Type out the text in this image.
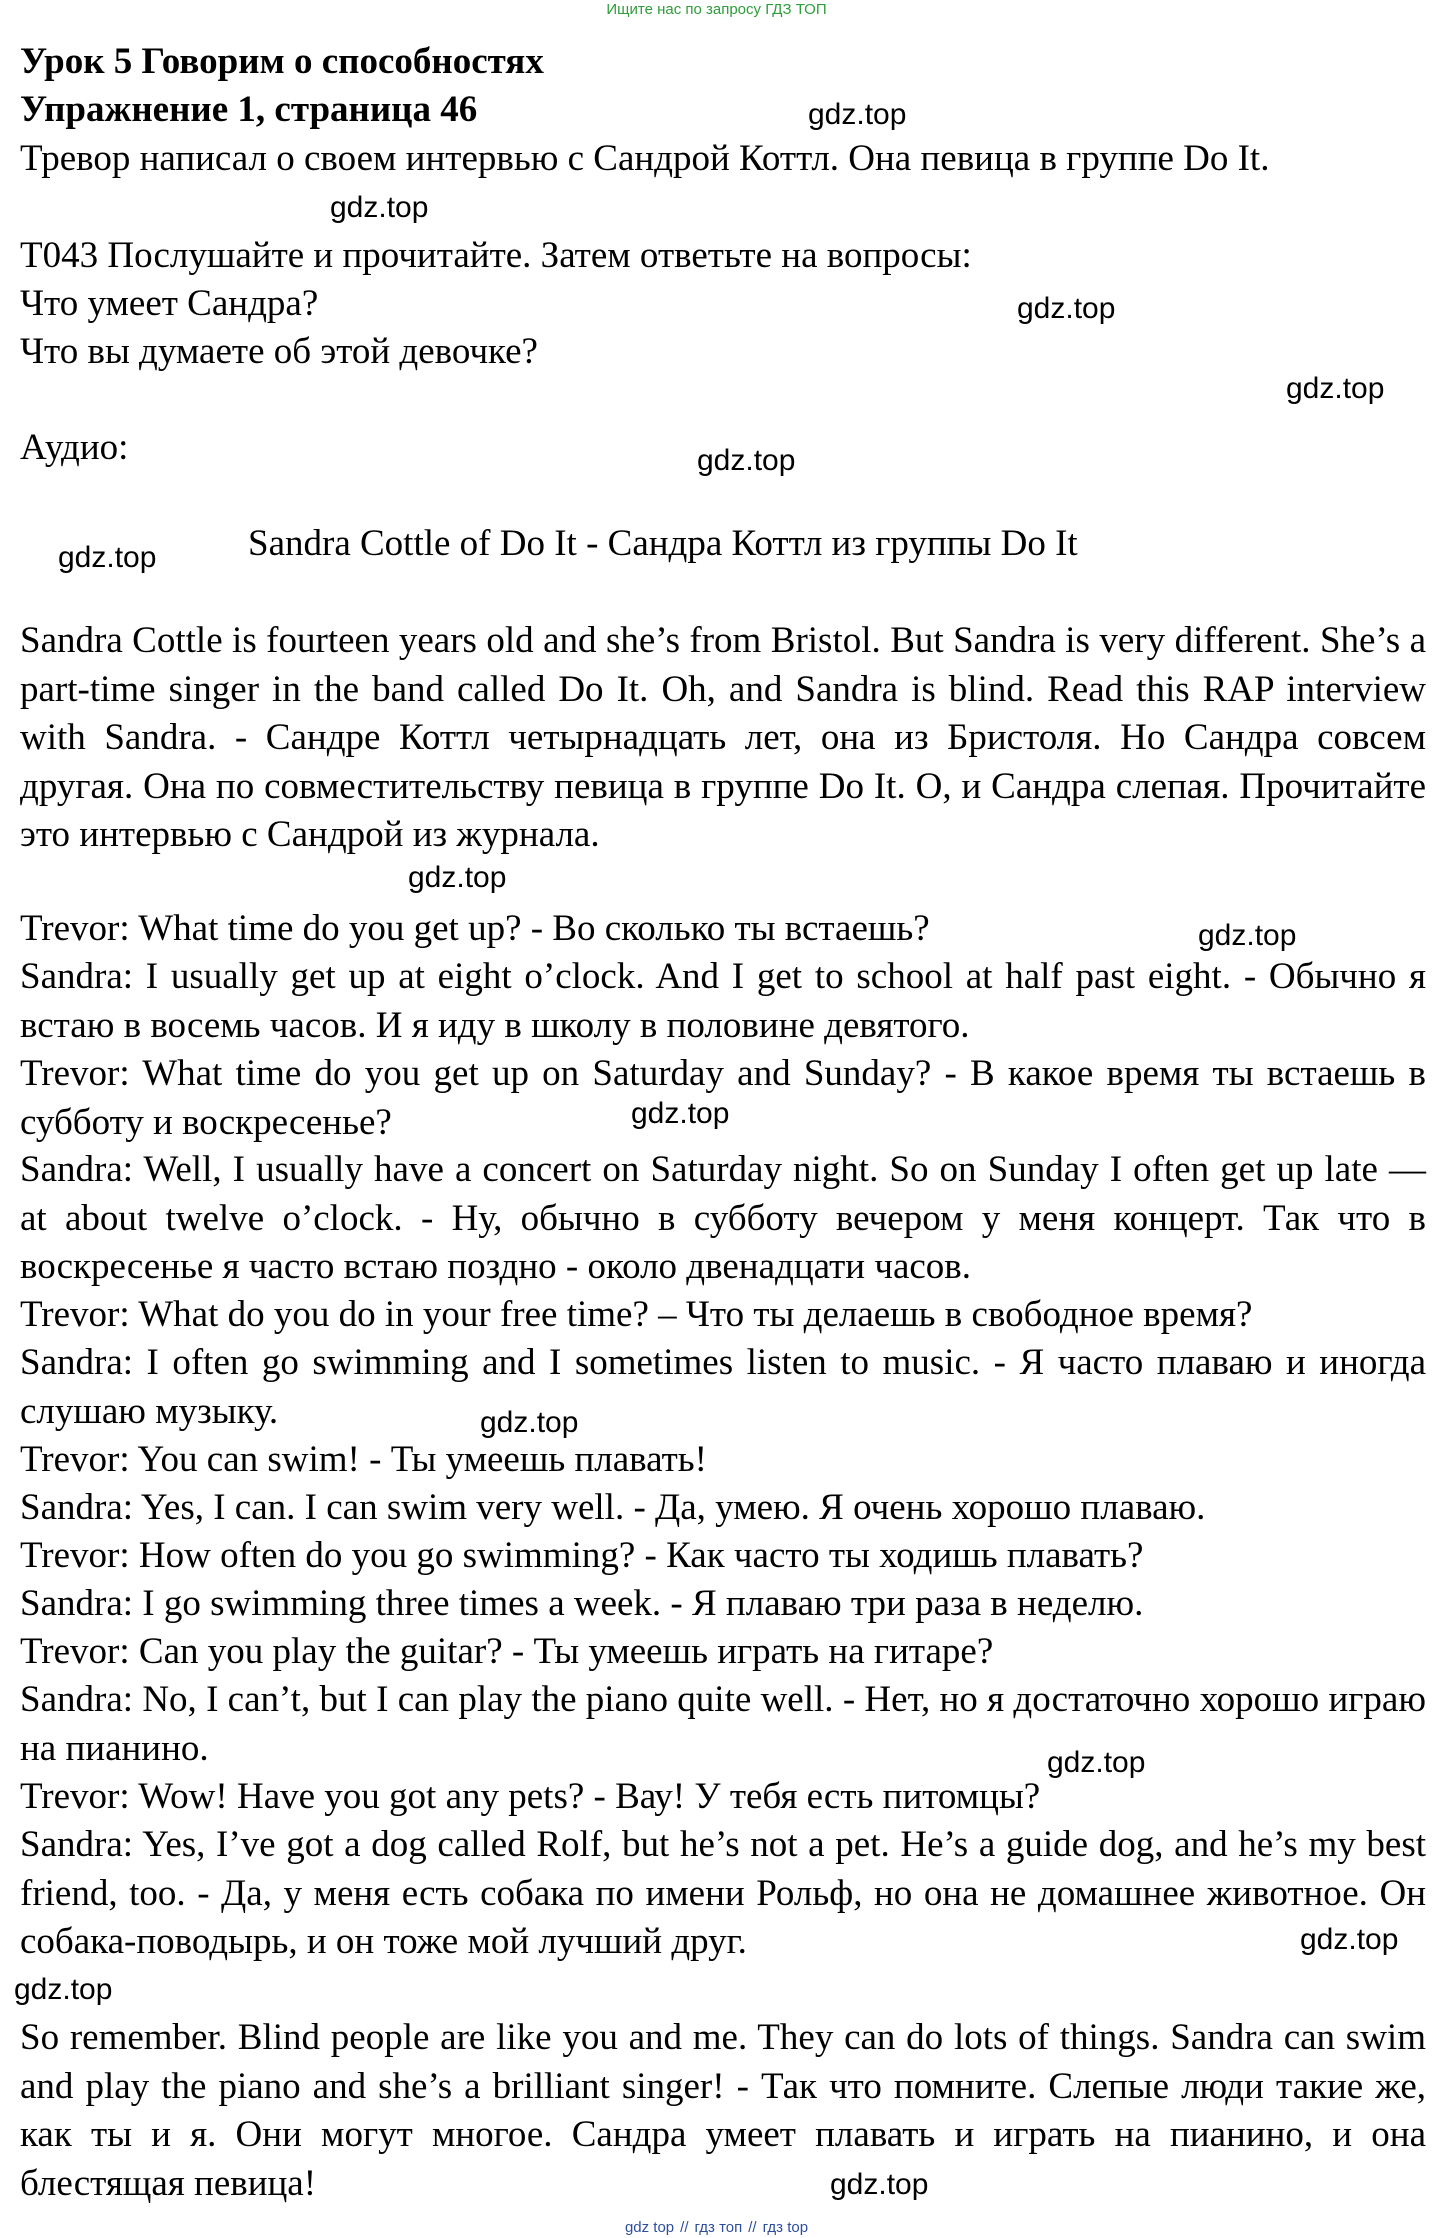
Ищите нас по запросу ГДЗ ТОП
Урок 5 Говорим о способностях
Упражнение 1, страница 46
Тревор написал о своем интервью с Сандрой Коттл. Она певица в группе Do It.
T043 Послушайте и прочитайте. Затем ответьте на вопросы:
Что умеет Сандра?
Что вы думаете об этой девочке?
Аудио:
Sandra Cottle of Do It - Сандра Коттл из группы Do It
Sandra Cottle is fourteen years old and she’s from Bristol. But Sandra is very different. She’s a part-time singer in the band called Do It. Oh, and Sandra is blind. Read this RAP interview with Sandra. - Сандре Коттл четырнадцать лет, она из Бристоля. Но Сандра совсем другая. Она по совместительству певица в группе Do It. О, и Сандра слепая. Прочитайте это интервью с Сандрой из журнала.
Trevor: What time do you get up? - Во сколько ты встаешь?
Sandra: I usually get up at eight o’clock. And I get to school at half past eight. - Обычно я встаю в восемь часов. И я иду в школу в половине девятого.
Trevor: What time do you get up on Saturday and Sunday? - В какое время ты встаешь в субботу и воскресенье?
Sandra: Well, I usually have a concert on Saturday night. So on Sunday I often get up late — at about twelve o’clock. - Ну, обычно в субботу вечером у меня концерт. Так что в воскресенье я часто встаю поздно - около двенадцати часов.
Trevor: What do you do in your free time? – Что ты делаешь в свободное время?
Sandra: I often go swimming and I sometimes listen to music. - Я часто плаваю и иногда слушаю музыку.
Trevor: You can swim! - Ты умеешь плавать!
Sandra: Yes, I can. I can swim very well. - Да, умею. Я очень хорошо плаваю.
Trevor: How often do you go swimming? - Как часто ты ходишь плавать?
Sandra: I go swimming three times a week. - Я плаваю три раза в неделю.
Trevor: Can you play the guitar? - Ты умеешь играть на гитаре?
Sandra: No, I can’t, but I can play the piano quite well. - Нет, но я достаточно хорошо играю на пианино.
Trevor: Wow! Have you got any pets? - Вау! У тебя есть питомцы?
Sandra: Yes, I’ve got a dog called Rolf, but he’s not a pet. He’s a guide dog, and he’s my best friend, too. - Да, у меня есть собака по имени Рольф, но она не домашнее животное. Он собака-поводырь, и он тоже мой лучший друг.
So remember. Blind people are like you and me. They can do lots of things. Sandra can swim and play the piano and she’s a brilliant singer! - Так что помните. Слепые люди такие же, как ты и я. Они могут многое. Сандра умеет плавать и играть на пианино, и она блестящая певица!
gdz.top
gdz.top
gdz.top
gdz.top
gdz.top
gdz.top
gdz.top
gdz.top
gdz.top
gdz.top
gdz.top
gdz.top
gdz.top
gdz.top
gdz top // гдз топ // гдз top
